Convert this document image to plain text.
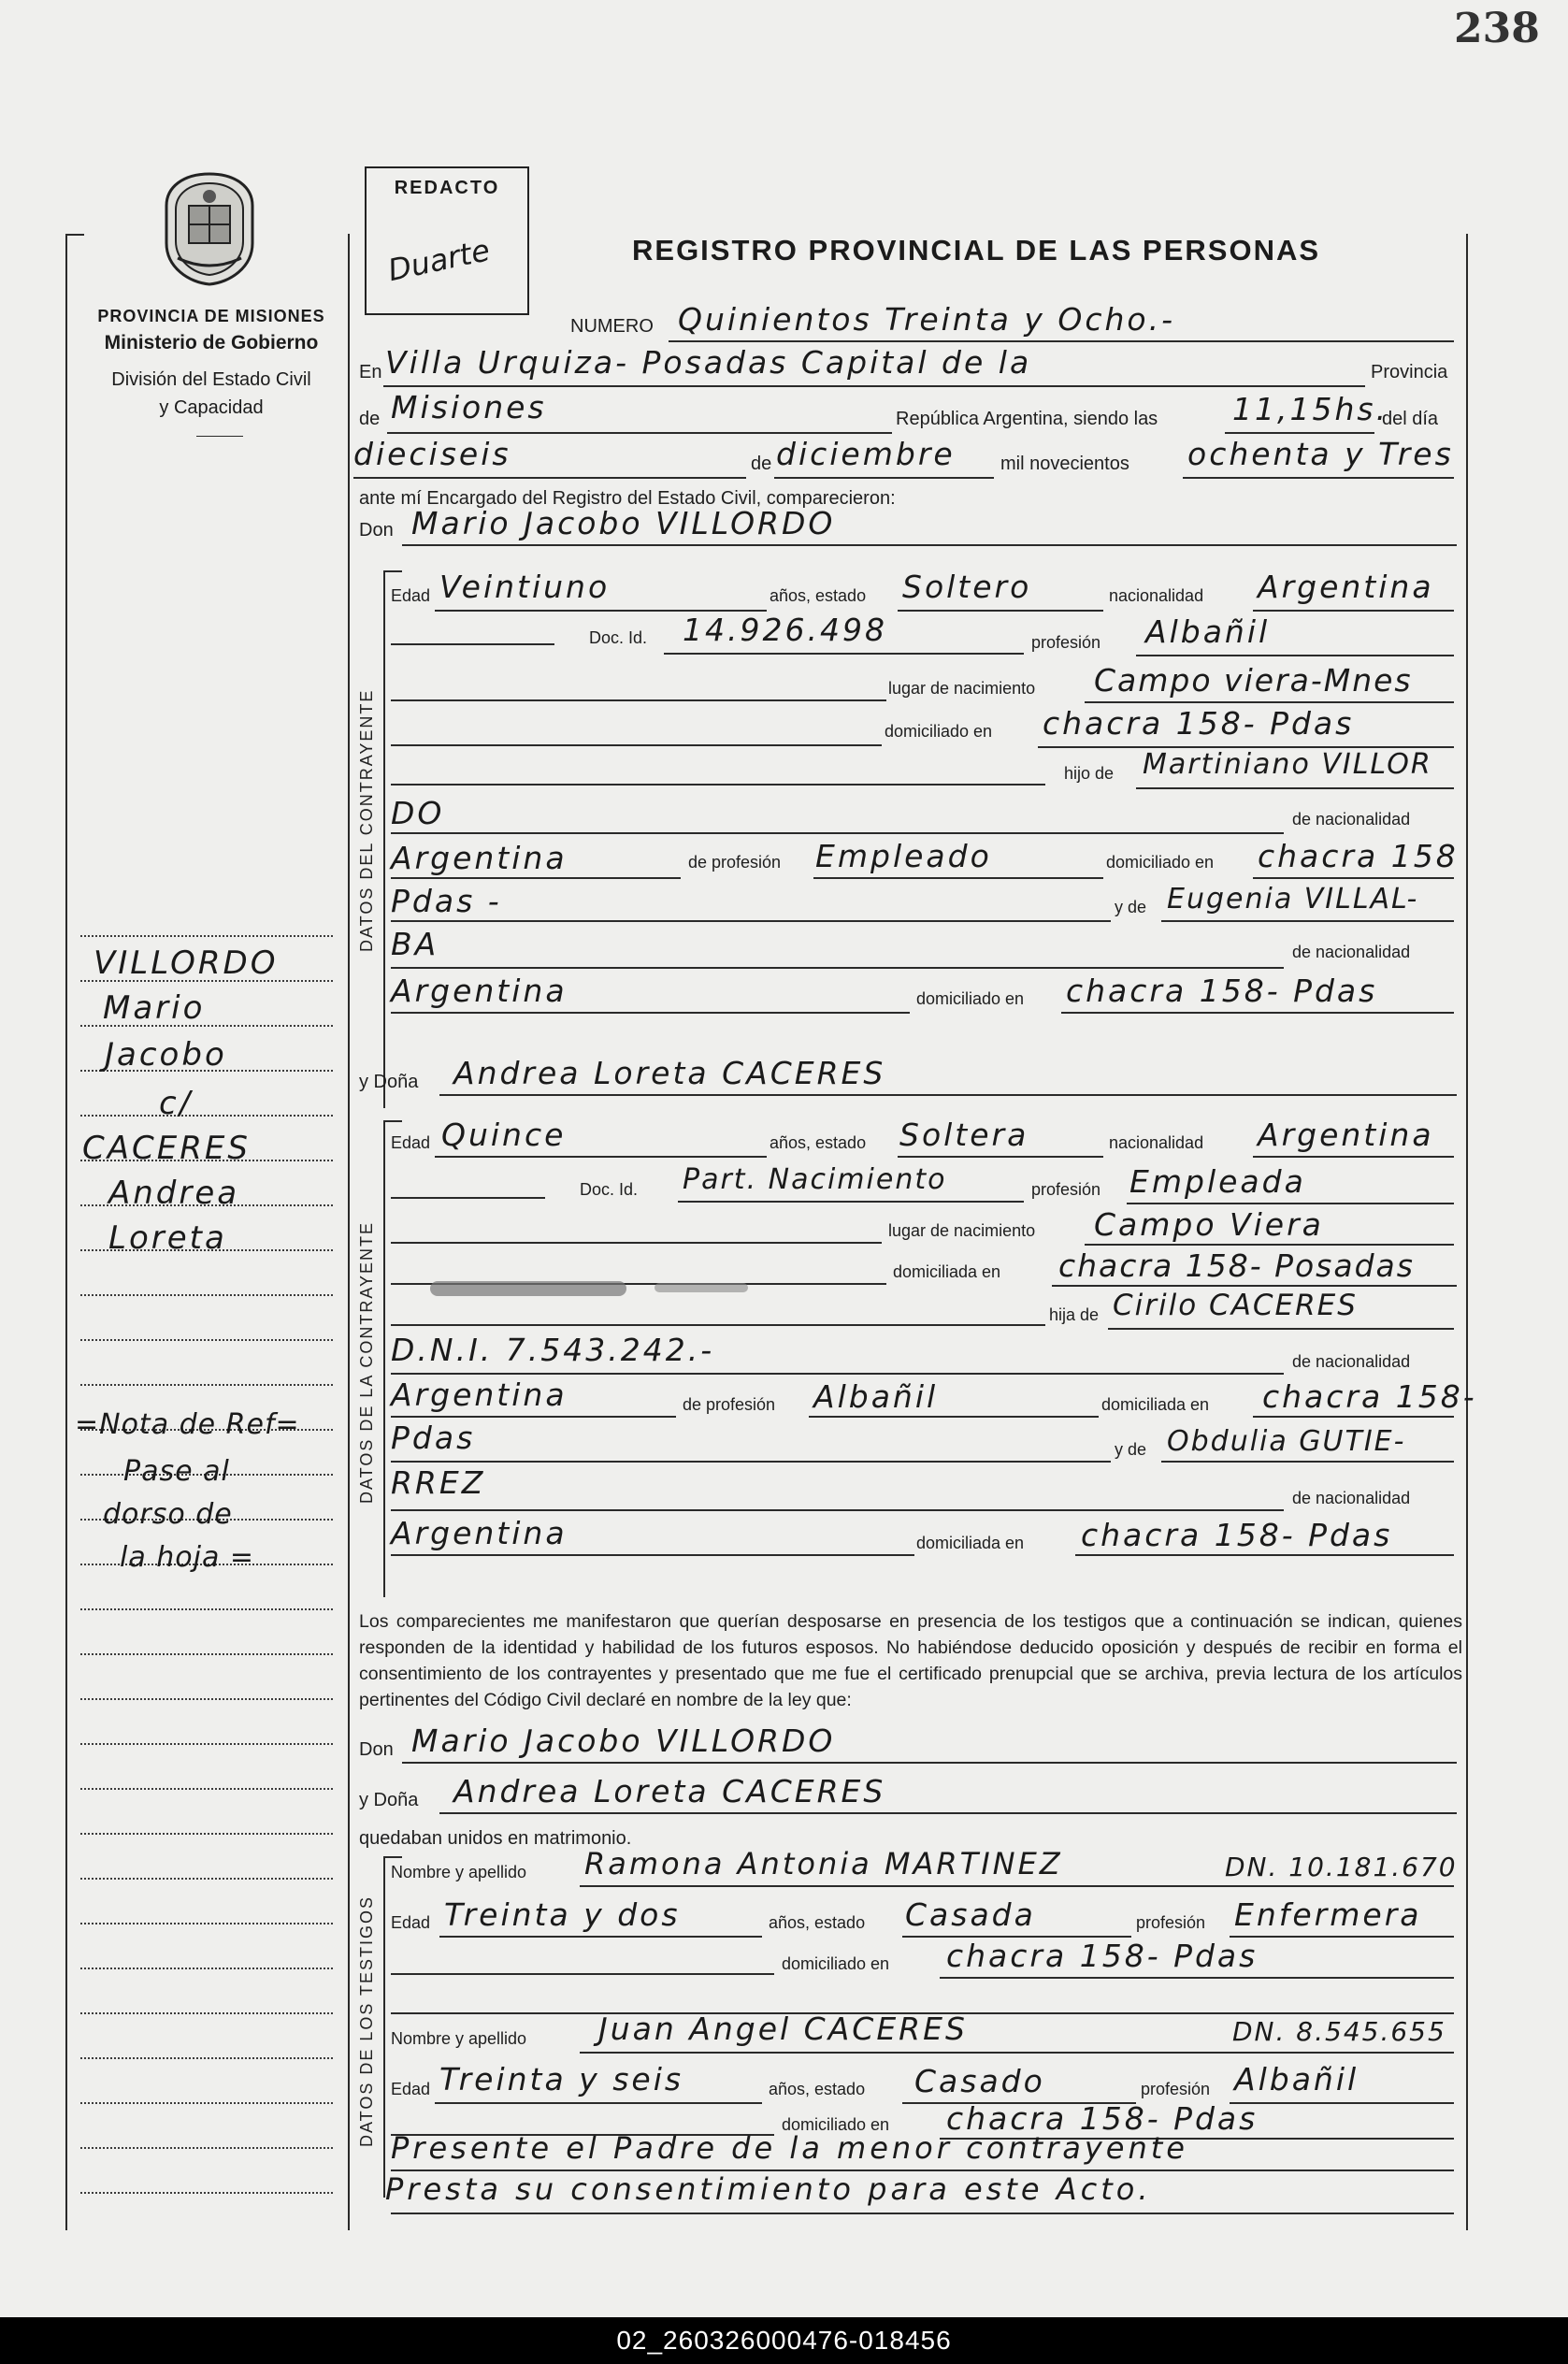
238
PROVINCIA DE MISIONES
Ministerio de Gobierno
División del Estado Civil
y Capacidad
REDACTO
Duarte	REGISTRO PROVINCIAL DE LAS PERSONAS
NUMERO Quinientos Treinta y Ocho.-
En Villa Urquiza- Posadas Capital de la	Provincia
de Misiones	República Argentina, siendo las 11,15hs.
del día
dieciseis	de diciembre mil novecientos ochenta y Tres
ante mí Encargado del Registro del Estado Civil, comparecieron:
Don Mario Jacobo VILLORDO
DATOS DEL CONTRAYENTE
Edad Veintiuno	años, estado Soltero	nacionalidad Argentina
Doc. Id. 14.926.498	profesión Albañil
lugar de nacimiento Campo viera-Mnes
domiciliado en chacra 158- Pdas
hijo de Martiniano VILLOR
DO	de nacionalidad
Argentina	de profesión Empleado	domiciliado en chacra 158
Pdas -	y de Eugenia VILLAL-
BA	de nacionalidad
Argentina	domiciliado en chacra 158- Pdas
y Doña Andrea Loreta CACERES
DATOS DE LA CONTRAYENTE
Edad Quince	años, estado Soltera	nacionalidad Argentina
Doc. Id. Part. Nacimiento	profesión Empleada
lugar de nacimiento Campo Viera
domiciliada en chacra 158- Posadas
hija de Cirilo CACERES
D.N.I. 7.543.242.-	de nacionalidad
Argentina	de profesión Albañil	domiciliada en chacra 158-
Pdas	y de Obdulia GUTIE-
RREZ	de nacionalidad
Argentina	domiciliada en chacra 158- Pdas
Los comparecientes me manifestaron que querían desposarse en presencia de los testigos que a continuación se indican, quienes responden de la identidad y habilidad de los futuros esposos. No habiéndose deducido oposición y después de recibir en forma el consentimiento de los contrayentes y presentado que me fue el certificado prenupcial que se archiva, previa lectura de los artículos pertinentes del Código Civil declaré en nombre de la ley que:
Don Mario Jacobo VILLORDO
y Doña Andrea Loreta CACERES
quedaban unidos en matrimonio.
DATOS DE LOS TESTIGOS
Nombre y apellido Ramona Antonia MARTINEZ	DN. 10.181.670
Edad Treinta y dos	años, estado Casada	profesión Enfermera
domiciliado en chacra 158- Pdas
Nombre y apellido Juan Angel CACERES	DN. 8.545.655
Edad Treinta y seis	años, estado Casado	profesión Albañil
domiciliado en chacra 158- Pdas
Presente el Padre de la menor contrayente
Presta su consentimiento para este Acto.
VILLORDO
Mario
Jacobo
c/
CACERES
Andrea
Loreta
=Nota de Ref=
Pase al
dorso de
la hoja =
02_260326000476-018456
